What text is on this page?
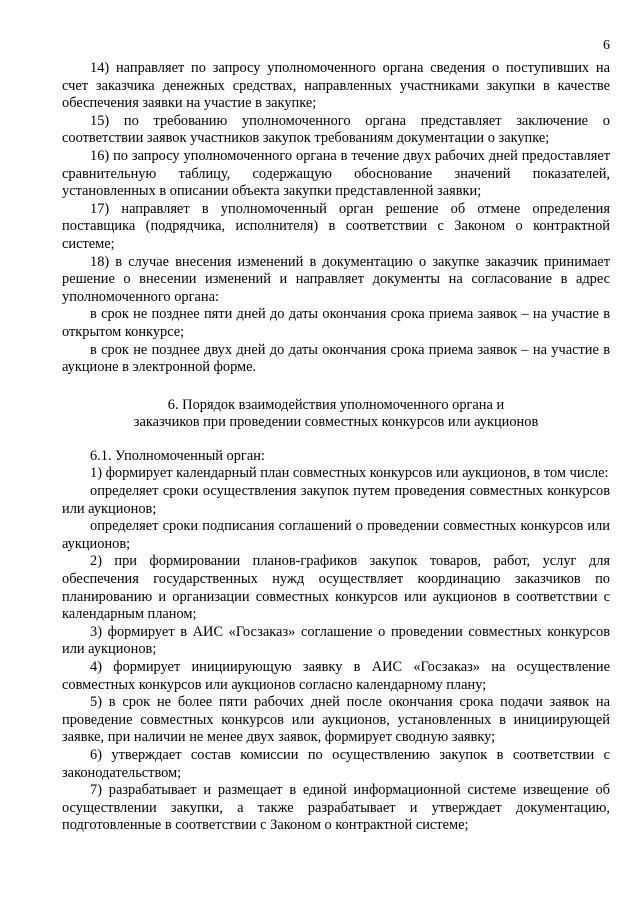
6

14) направляет по запросу уполномоченного органа сведения о поступивших на счет заказчика денежных средствах, направленных участниками закупки в качестве обеспечения заявки на участие в закупке;

15) по требованию уполномоченного органа представляет заключение о соответствии заявок участников закупок требованиям документации о закупке;

16) по запросу уполномоченного органа в течение двух рабочих дней предоставляет сравнительную таблицу, содержащую обоснование значений показателей, установленных в описании объекта закупки представленной заявки;

17) направляет в уполномоченный орган решение об отмене определения поставщика (подрядчика, исполнителя) в соответствии с Законом о контрактной системе;

18) в случае внесения изменений в документацию о закупке заказчик принимает решение о внесении изменений и направляет документы на согласование в адрес уполномоченного органа:

в срок не позднее пяти дней до даты окончания срока приема заявок – на участие в открытом конкурсе;

в срок не позднее двух дней до даты окончания срока приема заявок – на участие в аукционе в электронной форме.

6. Порядок взаимодействия уполномоченного органа и
заказчиков при проведении совместных конкурсов или аукционов

6.1. Уполномоченный орган:

1) формирует календарный план совместных конкурсов или аукционов, в том числе:

определяет сроки осуществления закупок путем проведения совместных конкурсов или аукционов;

определяет сроки подписания соглашений о проведении совместных конкурсов или аукционов;

2) при формировании планов-графиков закупок товаров, работ, услуг для обеспечения государственных нужд осуществляет координацию заказчиков по планированию и организации совместных конкурсов или аукционов в соответствии с календарным планом;

3) формирует в АИС «Госзаказ» соглашение о проведении совместных конкурсов или аукционов;

4) формирует инициирующую заявку в АИС «Госзаказ» на осуществление совместных конкурсов или аукционов согласно календарному плану;

5) в срок не более пяти рабочих дней после окончания срока подачи заявок на проведение совместных конкурсов или аукционов, установленных в инициирующей заявке, при наличии не менее двух заявок, формирует сводную заявку;

6) утверждает состав комиссии по осуществлению закупок в соответствии с законодательством;

7) разрабатывает и размещает в единой информационной системе извещение об осуществлении закупки, а также разрабатывает и утверждает документацию, подготовленные в соответствии с Законом о контрактной системе;
